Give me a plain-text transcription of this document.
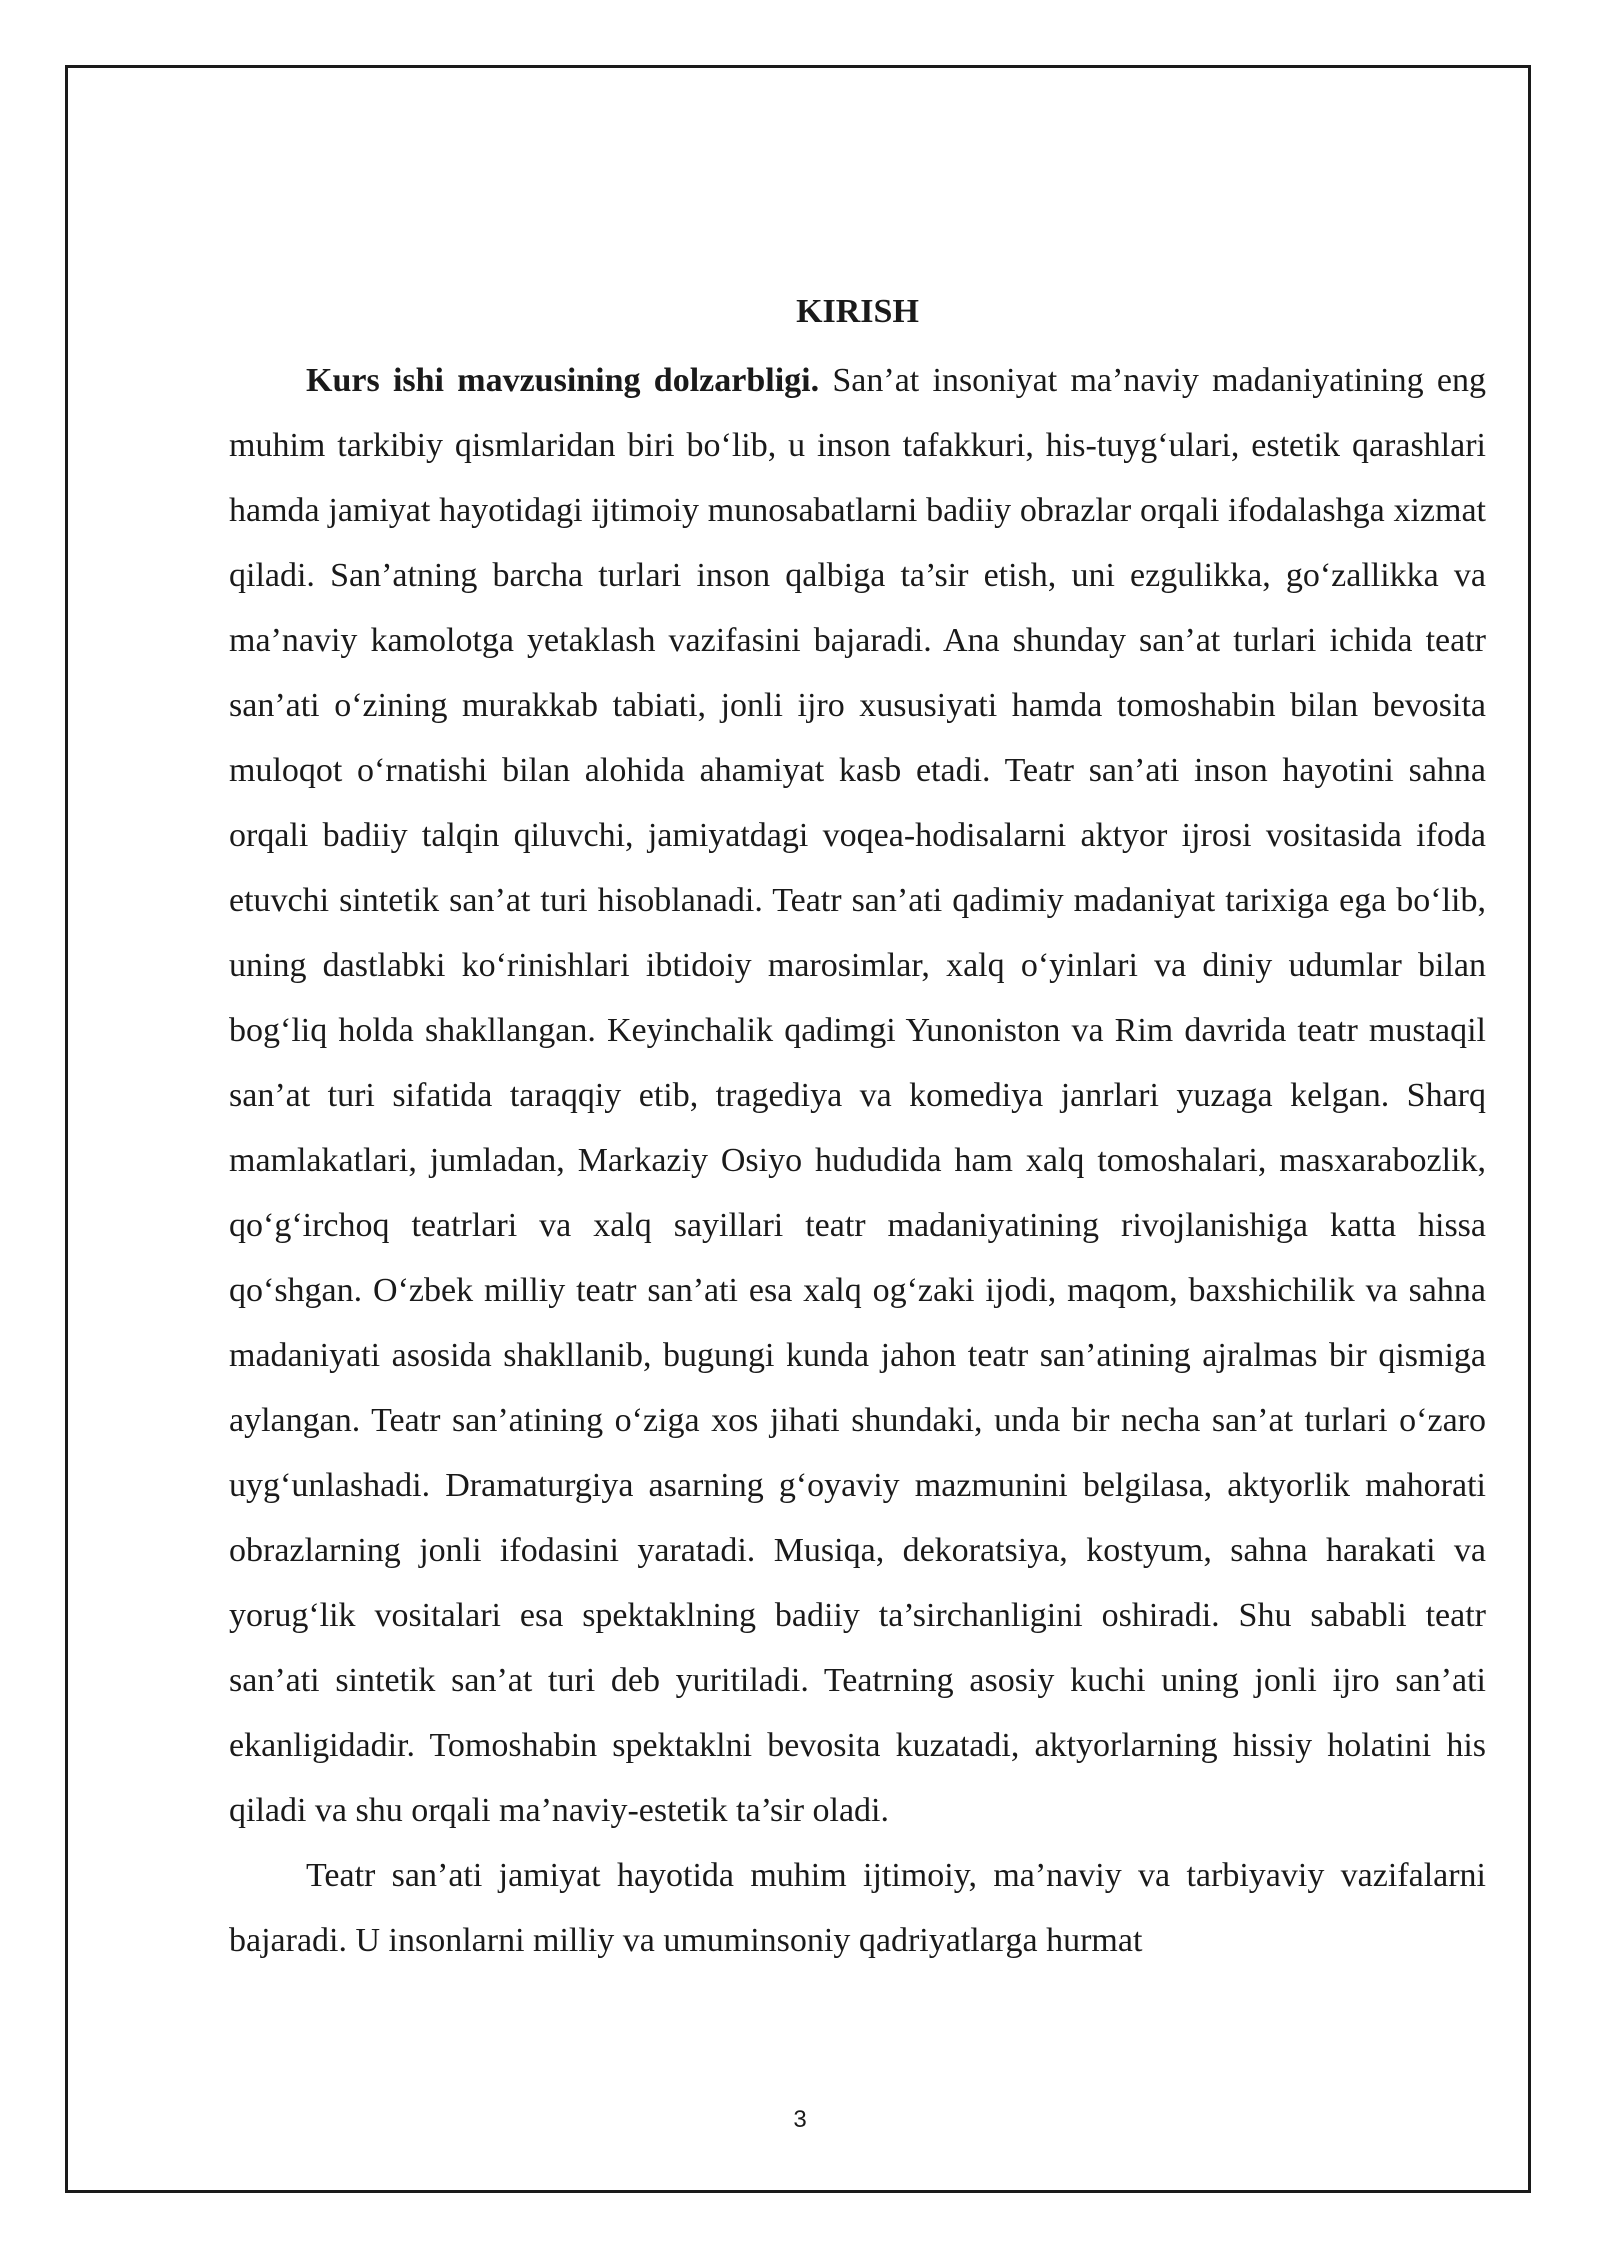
KIRISH

Kurs ishi mavzusining dolzarbligi. San’at insoniyat ma’naviy madaniyatining eng muhim tarkibiy qismlaridan biri bo‘lib, u inson tafakkuri, his-tuyg‘ulari, estetik qarashlari hamda jamiyat hayotidagi ijtimoiy munosabatlarni badiiy obrazlar orqali ifodalashga xizmat qiladi. San’atning barcha turlari inson qalbiga ta’sir etish, uni ezgulikka, go‘zallikka va ma’naviy kamolotga yetaklash vazifasini bajaradi. Ana shunday san’at turlari ichida teatr san’ati o‘zining murakkab tabiati, jonli ijro xususiyati hamda tomoshabin bilan bevosita muloqot o‘rnatishi bilan alohida ahamiyat kasb etadi. Teatr san’ati inson hayotini sahna orqali badiiy talqin qiluvchi, jamiyatdagi voqea-hodisalarni aktyor ijrosi vositasida ifoda etuvchi sintetik san’at turi hisoblanadi. Teatr san’ati qadimiy madaniyat tarixiga ega bo‘lib, uning dastlabki ko‘rinishlari ibtidoiy marosimlar, xalq o‘yinlari va diniy udumlar bilan bog‘liq holda shakllangan. Keyinchalik qadimgi Yunoniston va Rim davrida teatr mustaqil san’at turi sifatida taraqqiy etib, tragediya va komediya janrlari yuzaga kelgan. Sharq mamlakatlari, jumladan, Markaziy Osiyo hududida ham xalq tomoshalari, masxarabozlik, qo‘g‘irchoq teatrlari va xalq sayillari teatr madaniyatining rivojlanishiga katta hissa qo‘shgan. O‘zbek milliy teatr san’ati esa xalq og‘zaki ijodi, maqom, baxshichilik va sahna madaniyati asosida shakllanib, bugungi kunda jahon teatr san’atining ajralmas bir qismiga aylangan. Teatr san’atining o‘ziga xos jihati shundaki, unda bir necha san’at turlari o‘zaro uyg‘unlashadi. Dramaturgiya asarning g‘oyaviy mazmunini belgilasa, aktyorlik mahorati obrazlarning jonli ifodasini yaratadi. Musiqa, dekoratsiya, kostyum, sahna harakati va yorug‘lik vositalari esa spektaklning badiiy ta’sirchanligini oshiradi. Shu sababli teatr san’ati sintetik san’at turi deb yuritiladi. Teatrning asosiy kuchi uning jonli ijro san’ati ekanligidadir. Tomoshabin spektaklni bevosita kuzatadi, aktyorlarning hissiy holatini his qiladi va shu orqali ma’naviy-estetik ta’sir oladi.

Teatr san’ati jamiyat hayotida muhim ijtimoiy, ma’naviy va tarbiyaviy vazifalarni bajaradi. U insonlarni milliy va umuminsoniy qadriyatlarga hurmat

3
